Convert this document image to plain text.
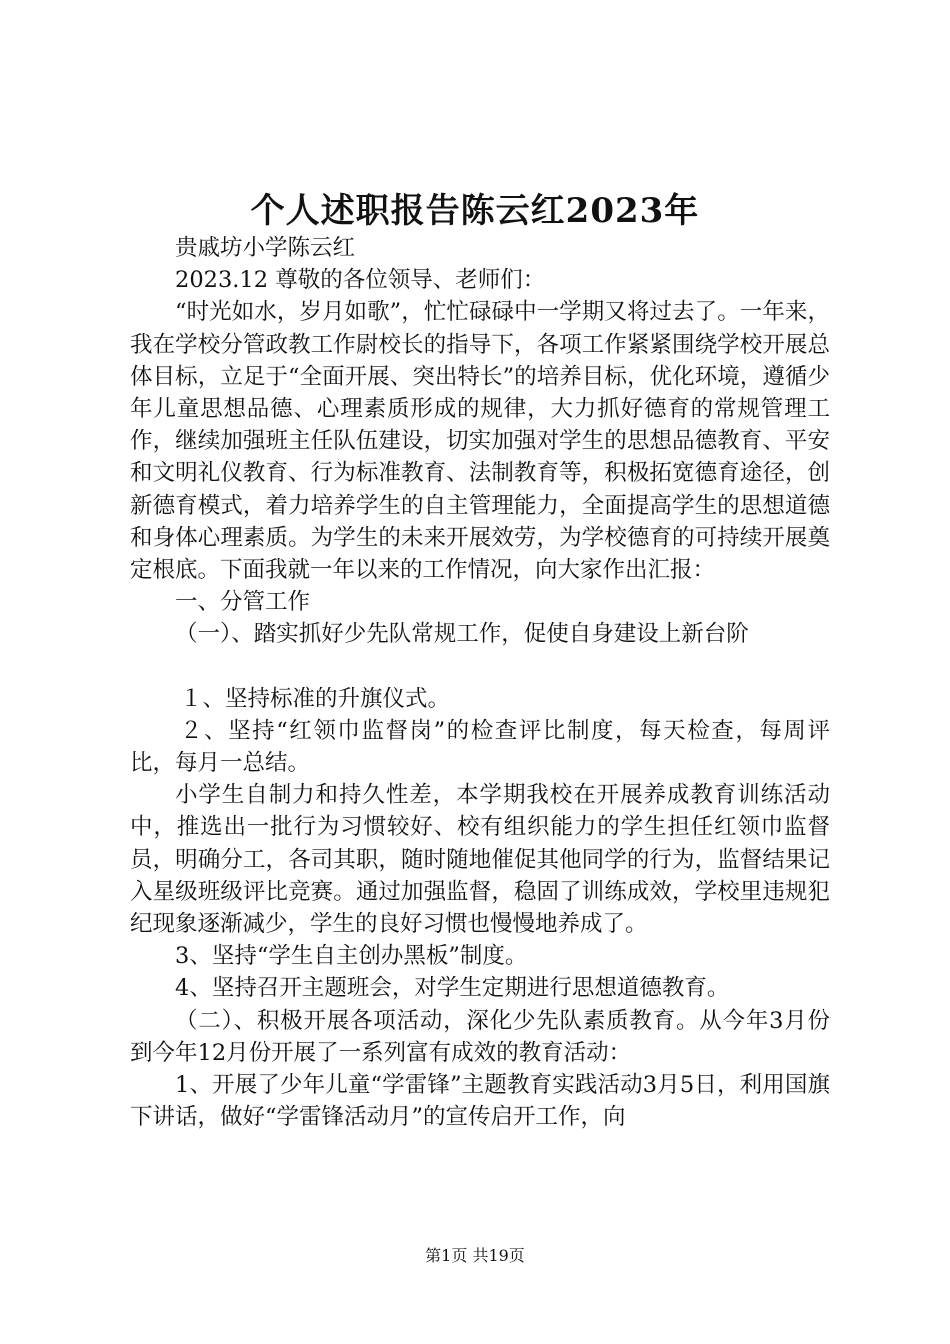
个人述职报告陈云红2023年

贵戚坊小学陈云红

2023.12 尊敬的各位领导、老师们：

“时光如水，岁月如歌”，忙忙碌碌中一学期又将过去了。一年来，我在学校分管政教工作尉校长的指导下，各项工作紧紧围绕学校开展总体目标，立足于“全面开展、突出特长”的培养目标，优化环境，遵循少年儿童思想品德、心理素质形成的规律，大力抓好德育的常规管理工作，继续加强班主任队伍建设，切实加强对学生的思想品德教育、平安和文明礼仪教育、行为标准教育、法制教育等，积极拓宽德育途径，创新德育模式，着力培养学生的自主管理能力，全面提高学生的思想道德和身体心理素质。为学生的未来开展效劳，为学校德育的可持续开展奠定根底。下面我就一年以来的工作情况，向大家作出汇报：

一、分管工作

（一）、踏实抓好少先队常规工作，促使自身建设上新台阶

１、坚持标准的升旗仪式。

２、坚持“红领巾监督岗”的检查评比制度，每天检查，每周评比，每月一总结。

小学生自制力和持久性差，本学期我校在开展养成教育训练活动中，推选出一批行为习惯较好、校有组织能力的学生担任红领巾监督员，明确分工，各司其职，随时随地催促其他同学的行为，监督结果记入星级班级评比竞赛。通过加强监督，稳固了训练成效，学校里违规犯纪现象逐渐减少，学生的良好习惯也慢慢地养成了。

3、坚持“学生自主创办黑板”制度。

4、坚持召开主题班会，对学生定期进行思想道德教育。

（二）、积极开展各项活动，深化少先队素质教育。从今年3月份到今年12月份开展了一系列富有成效的教育活动：

1、开展了少年儿童“学雷锋”主题教育实践活动3月5日，利用国旗下讲话，做好“学雷锋活动月”的宣传启开工作，向

第1页 共19页
